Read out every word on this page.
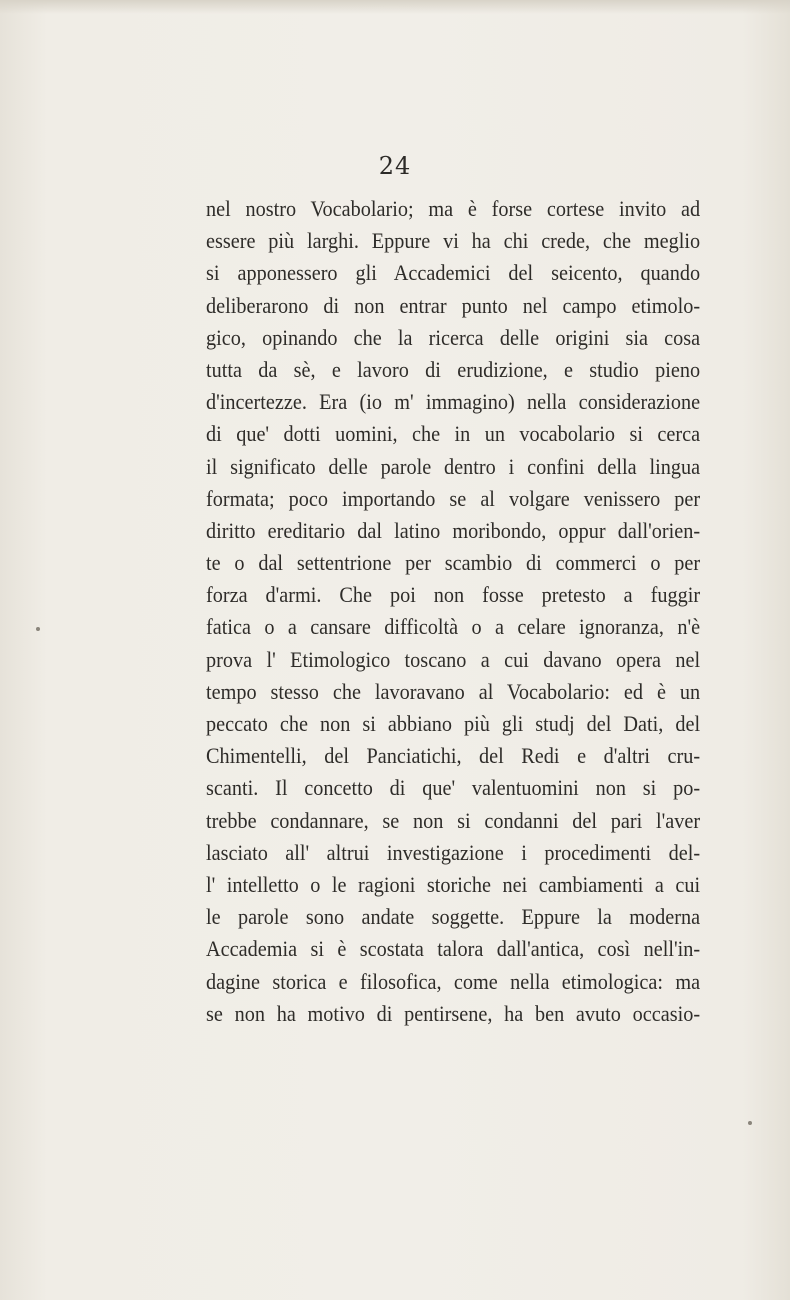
24
nel nostro Vocabolario; ma è forse cortese invito ad
essere più larghi. Eppure vi ha chi crede, che meglio
si apponessero gli Accademici del seicento, quando
deliberarono di non entrar punto nel campo etimolo-
gico, opinando che la ricerca delle origini sia cosa
tutta da sè, e lavoro di erudizione, e studio pieno
d'incertezze. Era (io m' immagino) nella considerazione
di que' dotti uomini, che in un vocabolario si cerca
il significato delle parole dentro i confini della lingua
formata; poco importando se al volgare venissero per
diritto ereditario dal latino moribondo, oppur dall'orien-
te o dal settentrione per scambio di commerci o per
forza d'armi. Che poi non fosse pretesto a fuggir
fatica o a cansare difficoltà o a celare ignoranza, n'è
prova l' Etimologico toscano a cui davano opera nel
tempo stesso che lavoravano al Vocabolario: ed è un
peccato che non si abbiano più gli studj del Dati, del
Chimentelli, del Panciatichi, del Redi e d'altri cru-
scanti. Il concetto di que' valentuomini non si po-
trebbe condannare, se non si condanni del pari l'aver
lasciato all' altrui investigazione i procedimenti del-
l' intelletto o le ragioni storiche nei cambiamenti a cui
le parole sono andate soggette. Eppure la moderna
Accademia si è scostata talora dall'antica, così nell'in-
dagine storica e filosofica, come nella etimologica: ma
se non ha motivo di pentirsene, ha ben avuto occasio-
